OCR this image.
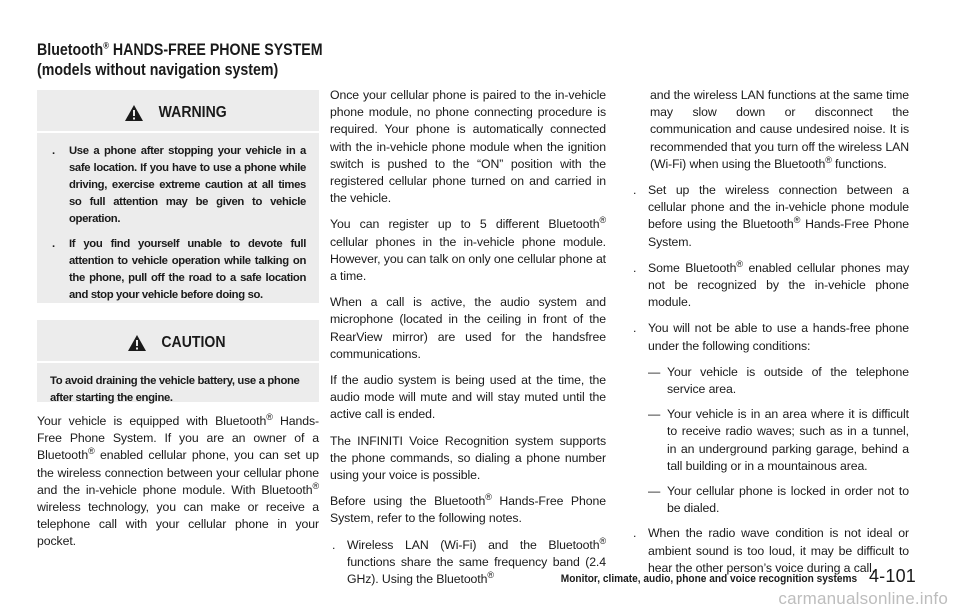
Bluetooth® HANDS-FREE PHONE SYSTEM
(models without navigation system)
WARNING
. Use a phone after stopping your vehicle in a safe location. If you have to use a phone while driving, exercise extreme caution at all times so full attention may be given to vehicle operation.
. If you find yourself unable to devote full attention to vehicle operation while talking on the phone, pull off the road to a safe location and stop your vehicle before doing so.
CAUTION
To avoid draining the vehicle battery, use a phone after starting the engine.

Your vehicle is equipped with Bluetooth® Hands-Free Phone System. If you are an owner of a Bluetooth® enabled cellular phone, you can set up the wireless connection between your cellular phone and the in-vehicle phone module. With Bluetooth® wireless technology, you can make or receive a telephone call with your cellular phone in your pocket.

Once your cellular phone is paired to the in-vehicle phone module, no phone connecting procedure is required. Your phone is automatically connected with the in-vehicle phone module when the ignition switch is pushed to the “ON” position with the registered cellular phone turned on and carried in the vehicle.

You can register up to 5 different Bluetooth® cellular phones in the in-vehicle phone module. However, you can talk on only one cellular phone at a time.

When a call is active, the audio system and microphone (located in the ceiling in front of the RearView mirror) are used for the handsfree communications.

If the audio system is being used at the time, the audio mode will mute and will stay muted until the active call is ended.

The INFINITI Voice Recognition system supports the phone commands, so dialing a phone number using your voice is possible.

Before using the Bluetooth® Hands-Free Phone System, refer to the following notes.

. Wireless LAN (Wi-Fi) and the Bluetooth® functions share the same frequency band (2.4 GHz). Using the Bluetooth®
and the wireless LAN functions at the same time may slow down or disconnect the communication and cause undesired noise. It is recommended that you turn off the wireless LAN (Wi-Fi) when using the Bluetooth® functions.
. Set up the wireless connection between a cellular phone and the in-vehicle phone module before using the Bluetooth® Hands-Free Phone System.
. Some Bluetooth® enabled cellular phones may not be recognized by the in-vehicle phone module.
. You will not be able to use a hands-free phone under the following conditions:
— Your vehicle is outside of the telephone service area.
— Your vehicle is in an area where it is difficult to receive radio waves; such as in a tunnel, in an underground parking garage, behind a tall building or in a mountainous area.
— Your cellular phone is locked in order not to be dialed.
. When the radio wave condition is not ideal or ambient sound is too loud, it may be difficult to hear the other person’s voice during a call.
Monitor, climate, audio, phone and voice recognition systems 4-101
carmanualsonline.info
